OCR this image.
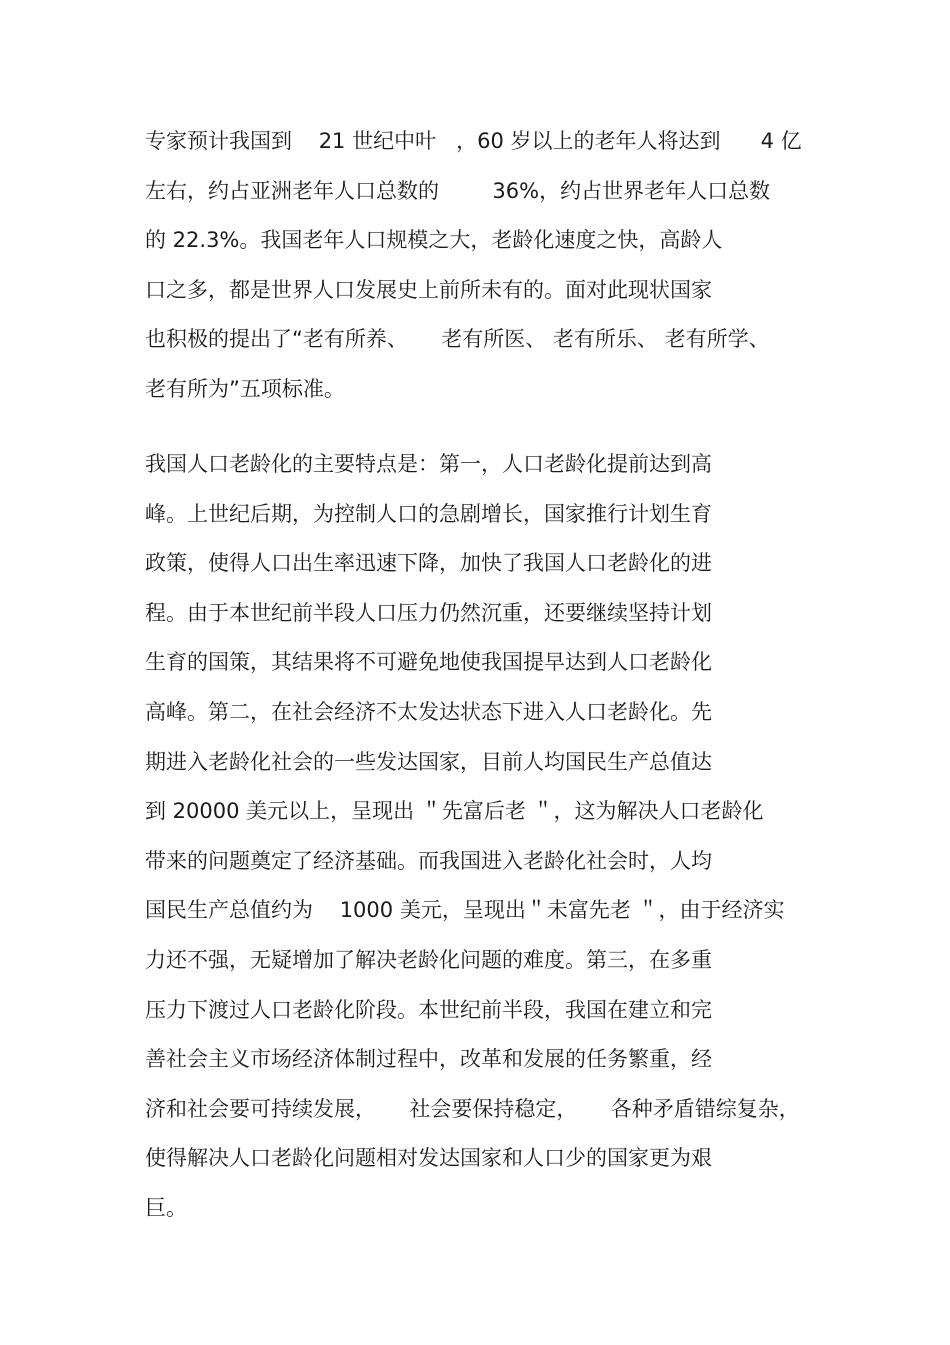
专家预计我国到    21 世纪中叶   ，60 岁以上的老年人将达到      4 亿
左右，约占亚洲老年人口总数的        36%，约占世界老年人口总数
的 22.3%。我国老年人口规模之大，老龄化速度之快，高龄人
口之多，都是世界人口发展史上前所未有的。面对此现状国家
也积极的提出了“老有所养、     老有所医、 老有所乐、 老有所学、
老有所为”五项标准。
我国人口老龄化的主要特点是：第一，人口老龄化提前达到高
峰。上世纪后期，为控制人口的急剧增长，国家推行计划生育
政策，使得人口出生率迅速下降，加快了我国人口老龄化的进
程。由于本世纪前半段人口压力仍然沉重，还要继续坚持计划
生育的国策，其结果将不可避免地使我国提早达到人口老龄化
高峰。第二，在社会经济不太发达状态下进入人口老龄化。先
期进入老龄化社会的一些发达国家，目前人均国民生产总值达
到 20000 美元以上，呈现出 ＂先富后老 ＂，这为解决人口老龄化
带来的问题奠定了经济基础。而我国进入老龄化社会时，人均
国民生产总值约为    1000 美元，呈现出＂未富先老 ＂，由于经济实
力还不强，无疑增加了解决老龄化问题的难度。第三，在多重
压力下渡过人口老龄化阶段。本世纪前半段，我国在建立和完
善社会主义市场经济体制过程中，改革和发展的任务繁重，经
济和社会要可持续发展，     社会要保持稳定，     各种矛盾错综复杂，
使得解决人口老龄化问题相对发达国家和人口少的国家更为艰
巨。
